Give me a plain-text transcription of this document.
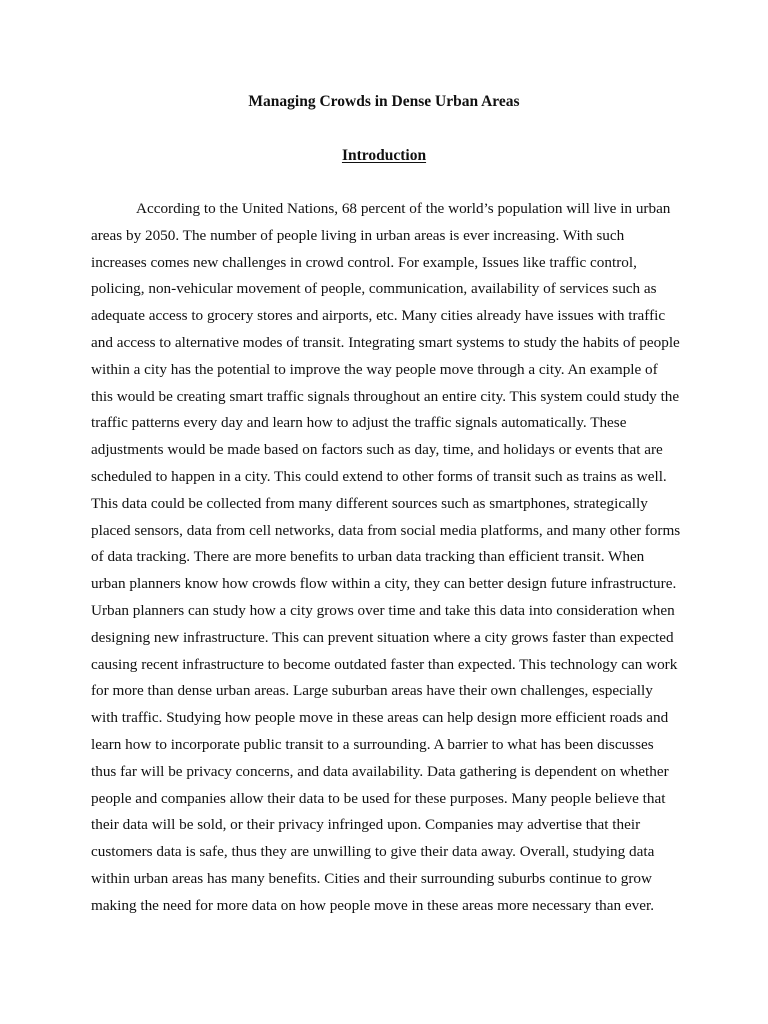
Managing Crowds in Dense Urban Areas
Introduction
According to the United Nations, 68 percent of the world’s population will live in urban
areas by 2050. The number of people living in urban areas is ever increasing. With such
increases comes new challenges in crowd control. For example, Issues like traffic control,
policing, non-vehicular movement of people, communication, availability of services such as
adequate access to grocery stores and airports, etc. Many cities already have issues with traffic
and access to alternative modes of transit. Integrating smart systems to study the habits of people
within a city has the potential to improve the way people move through a city. An example of
this would be creating smart traffic signals throughout an entire city. This system could study the
traffic patterns every day and learn how to adjust the traffic signals automatically. These
adjustments would be made based on factors such as day, time, and holidays or events that are
scheduled to happen in a city. This could extend to other forms of transit such as trains as well.
This data could be collected from many different sources such as smartphones, strategically
placed sensors, data from cell networks, data from social media platforms, and many other forms
of data tracking. There are more benefits to urban data tracking than efficient transit. When
urban planners know how crowds flow within a city, they can better design future infrastructure.
Urban planners can study how a city grows over time and take this data into consideration when
designing new infrastructure. This can prevent situation where a city grows faster than expected
causing recent infrastructure to become outdated faster than expected. This technology can work
for more than dense urban areas. Large suburban areas have their own challenges, especially
with traffic. Studying how people move in these areas can help design more efficient roads and
learn how to incorporate public transit to a surrounding. A barrier to what has been discusses
thus far will be privacy concerns, and data availability. Data gathering is dependent on whether
people and companies allow their data to be used for these purposes. Many people believe that
their data will be sold, or their privacy infringed upon. Companies may advertise that their
customers data is safe, thus they are unwilling to give their data away. Overall, studying data
within urban areas has many benefits. Cities and their surrounding suburbs continue to grow
making the need for more data on how people move in these areas more necessary than ever.
